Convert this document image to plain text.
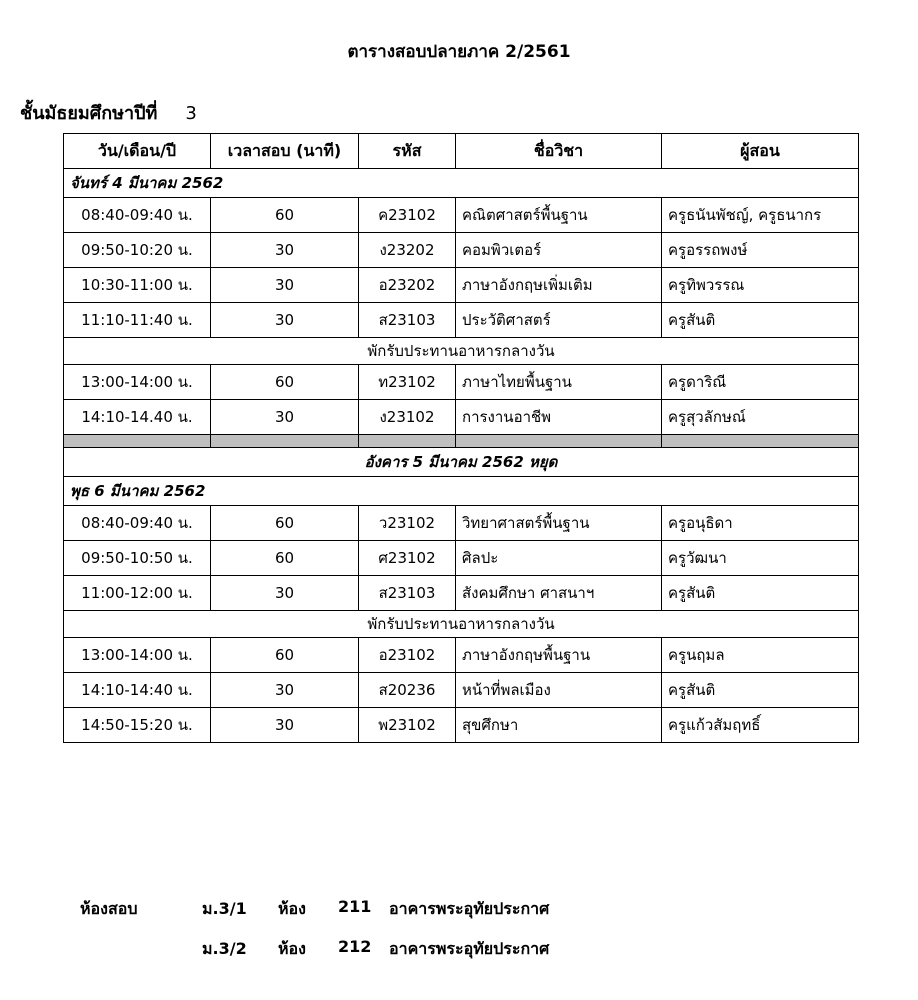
ตารางสอบปลายภาค 2/2561
ชั้นมัธยมศึกษาปีที่ 3
วัน/เดือน/ปี	เวลาสอบ (นาที)	รหัส	ชื่อวิชา	ผู้สอน
จันทร์ 4 มีนาคม 2562				
08:40-09:40 น.	60	ค23102	คณิตศาสตร์พื้นฐาน	ครูธนันพัชญ์, ครูธนากร
09:50-10:20 น.	30	ง23202	คอมพิวเตอร์	ครูอรรถพงษ์
10:30-11:00 น.	30	อ23202	ภาษาอังกฤษเพิ่มเติม	ครูทิพวรรณ
11:10-11:40 น.	30	ส23103	ประวัติศาสตร์	ครูสันติ
พักรับประทานอาหารกลางวัน				
13:00-14:00 น.	60	ท23102	ภาษาไทยพื้นฐาน	ครูดาริณี
14:10-14.40 น.	30	ง23102	การงานอาชีพ	ครูสุวลักษณ์

อังคาร 5 มีนาคม 2562 หยุด				
พุธ 6 มีนาคม 2562				
08:40-09:40 น.	60	ว23102	วิทยาศาสตร์พื้นฐาน	ครูอนุธิดา
09:50-10:50 น.	60	ศ23102	ศิลปะ	ครูวัฒนา
11:00-12:00 น.	30	ส23103	สังคมศึกษา ศาสนาฯ	ครูสันติ
พักรับประทานอาหารกลางวัน				
13:00-14:00 น.	60	อ23102	ภาษาอังกฤษพื้นฐาน	ครูนฤมล
14:10-14:40 น.	30	ส20236	หน้าที่พลเมือง	ครูสันติ
14:50-15:20 น.	30	พ23102	สุขศึกษา	ครูแก้วสัมฤทธิ์
ห้องสอบ	ม.3/1 ห้อง 211 อาคารพระอุทัยประกาศ
ม.3/2 ห้อง 212 อาคารพระอุทัยประกาศ
